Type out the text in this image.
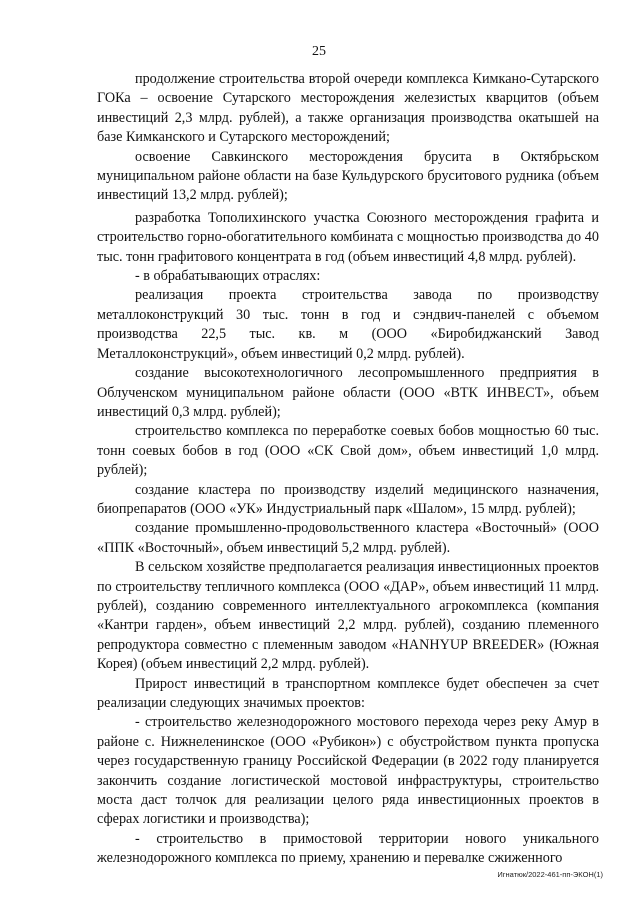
25

продолжение строительства второй очереди комплекса Кимкано-Сутарского ГОКа – освоение Сутарского месторождения железистых кварцитов (объем инвестиций 2,3 млрд. рублей), а также организация производства окатышей на базе Кимканского и Сутарского месторождений;

освоение Савкинского месторождения брусита в Октябрьском муниципальном районе области на базе Кульдурского бруситового рудника (объем инвестиций 13,2 млрд. рублей);

разработка Тополихинского участка Союзного месторождения графита и строительство горно-обогатительного комбината с мощностью производства до 40 тыс. тонн графитового концентрата в год (объем инвестиций 4,8 млрд. рублей).

- в обрабатывающих отраслях:

реализация проекта строительства завода по производству металлоконструкций 30 тыс. тонн в год и сэндвич-панелей с объемом производства 22,5 тыс. кв. м (ООО «Биробиджанский Завод Металлоконструкций», объем инвестиций 0,2 млрд. рублей).

создание высокотехнологичного лесопромышленного предприятия в Облученском муниципальном районе области (ООО «ВТК ИНВЕСТ», объем инвестиций 0,3 млрд. рублей);

строительство комплекса по переработке соевых бобов мощностью 60 тыс. тонн соевых бобов в год (ООО «СК Свой дом», объем инвестиций 1,0 млрд. рублей);

создание кластера по производству изделий медицинского назначения, биопрепаратов (ООО «УК» Индустриальный парк «Шалом», 15 млрд. рублей);

создание промышленно-продовольственного кластера «Восточный» (ООО «ППК «Восточный», объем инвестиций 5,2 млрд. рублей).

В сельском хозяйстве предполагается реализация инвестиционных проектов по строительству тепличного комплекса (ООО «ДАР», объем инвестиций 11 млрд. рублей), созданию современного интеллектуального агрокомплекса (компания «Кантри гарден», объем инвестиций 2,2 млрд. рублей), созданию племенного репродуктора совместно с племенным заводом «HANHYUP BREEDER» (Южная Корея) (объем инвестиций 2,2 млрд. рублей).

Прирост инвестиций в транспортном комплексе будет обеспечен за счет реализации следующих значимых проектов:

- строительство железнодорожного мостового перехода через реку Амур в районе с. Нижнеленинское (ООО «Рубикон») с обустройством пункта пропуска через государственную границу Российской Федерации (в 2022 году планируется закончить создание логистической мостовой инфраструктуры, строительство моста даст толчок для реализации целого ряда инвестиционных проектов в сферах логистики и производства);

- строительство в примостовой территории нового уникального железнодорожного комплекса по приему, хранению и перевалке сжиженного

Игнатюк/2022-461-пп-ЭКОН(1)
